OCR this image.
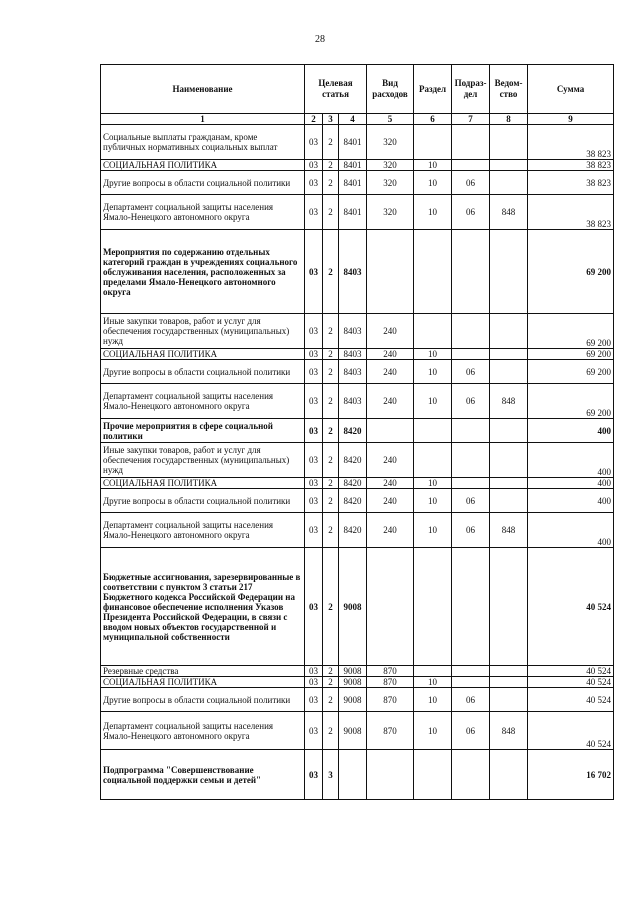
28
Наименование	Целевая статья			Вид расходов	Раздел	Подраз-дел	Ведом-ство	Сумма
1	2	3	4	5	6	7	8	9
Социальные выплаты гражданам, кроме публичных нормативных социальных выплат	03	2	8401	320				38 823
СОЦИАЛЬНАЯ ПОЛИТИКА	03	2	8401	320	10			38 823
Другие вопросы в области социальной политики	03	2	8401	320	10	06		38 823
Департамент социальной защиты населения Ямало-Ненецкого автономного округа	03	2	8401	320	10	06	848	38 823
Мероприятия по содержанию отдельных категорий граждан в учреждениях социального обслуживания населения, расположенных за пределами Ямало-Ненецкого автономного округа	03	2	8403					69 200
Иные закупки товаров, работ и услуг для обеспечения государственных (муниципальных) нужд	03	2	8403	240				69 200
СОЦИАЛЬНАЯ ПОЛИТИКА	03	2	8403	240	10			69 200
Другие вопросы в области социальной политики	03	2	8403	240	10	06		69 200
Департамент социальной защиты населения Ямало-Ненецкого автономного округа	03	2	8403	240	10	06	848	69 200
Прочие мероприятия в сфере социальной политики	03	2	8420					400
Иные закупки товаров, работ и услуг для обеспечения государственных (муниципальных) нужд	03	2	8420	240				400
СОЦИАЛЬНАЯ ПОЛИТИКА	03	2	8420	240	10			400
Другие вопросы в области социальной политики	03	2	8420	240	10	06		400
Департамент социальной защиты населения Ямало-Ненецкого автономного округа	03	2	8420	240	10	06	848	400
Бюджетные ассигнования, зарезервированные в соответствии с пунктом 3 статьи 217 Бюджетного кодекса Российской Федерации на финансовое обеспечение исполнения Указов Президента Российской Федерации, в связи с вводом новых объектов государственной и муниципальной собственности	03	2	9008					40 524
Резервные средства	03	2	9008	870				40 524
СОЦИАЛЬНАЯ ПОЛИТИКА	03	2	9008	870	10			40 524
Другие вопросы в области социальной политики	03	2	9008	870	10	06		40 524
Департамент социальной защиты населения Ямало-Ненецкого автономного округа	03	2	9008	870	10	06	848	40 524
Подпрограмма "Совершенствование социальной поддержки семьи и детей"	03	3						16 702
